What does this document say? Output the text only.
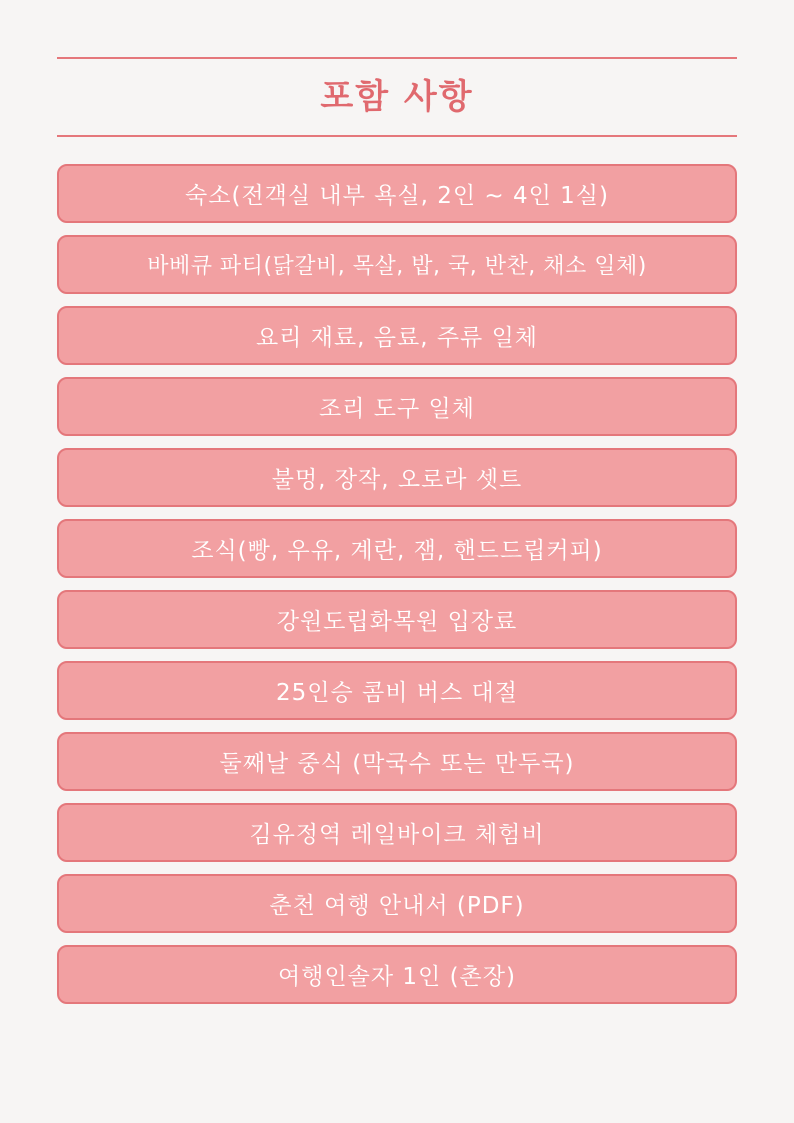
포함 사항
숙소(전객실 내부 욕실, 2인 ~ 4인 1실)
바베큐 파티(닭갈비, 목살, 밥, 국, 반찬, 채소 일체)
요리 재료, 음료, 주류 일체
조리 도구 일체
불멍, 장작, 오로라 셋트
조식(빵, 우유, 계란, 잼, 핸드드립커피)
강원도립화목원 입장료
25인승 콤비 버스 대절
둘째날 중식 (막국수 또는 만두국)
김유정역 레일바이크 체험비
춘천 여행 안내서 (PDF)
여행인솔자 1인 (촌장)
